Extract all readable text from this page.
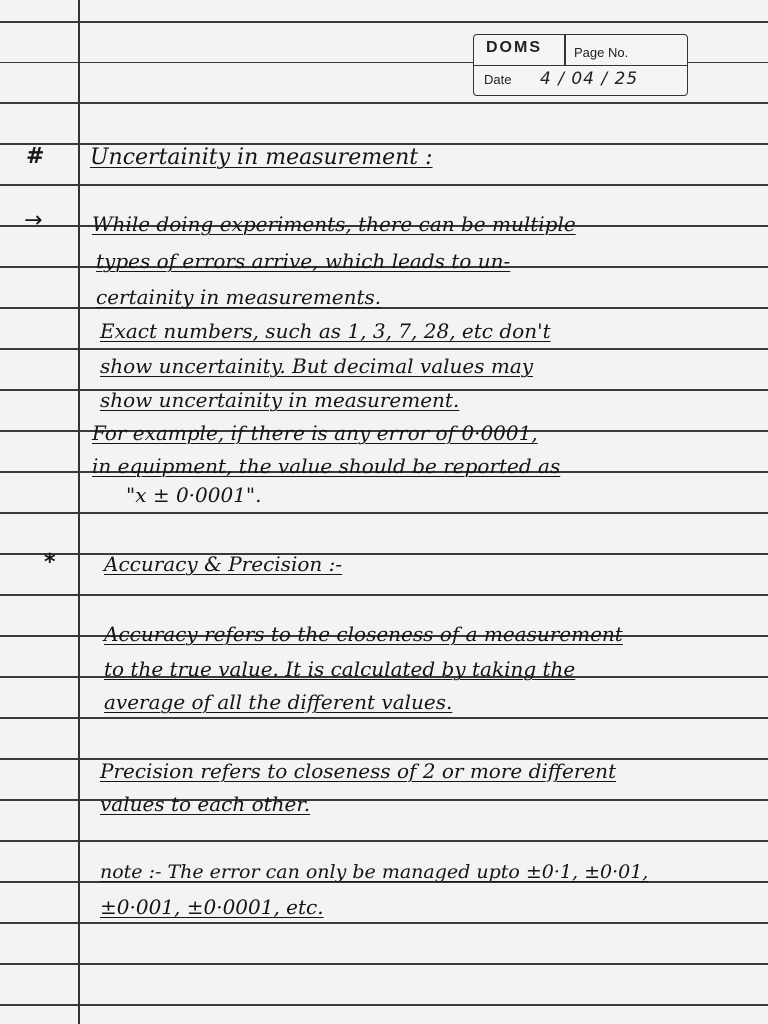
DOMS Page No.
Date 4 / 04 / 25
# Uncertainity in measurement :
→ While doing experiments, there can be multiple
types of errors arrive, which leads to un-
certainity in measurements.
Exact numbers, such as 1, 3, 7, 28, etc don't
show uncertainity. But decimal values may
show uncertainity in measurement.
For example, if there is any error of 0·0001,
in equipment, the value should be reported as
"x ± 0·0001".
* Accuracy & Precision :-
Accuracy refers to the closeness of a measurement
to the true value. It is calculated by taking the
average of all the different values.
Precision refers to closeness of 2 or more different
values to each other.
note :- The error can only be managed upto ±0·1, ±0·01,
±0·001, ±0·0001, etc.
